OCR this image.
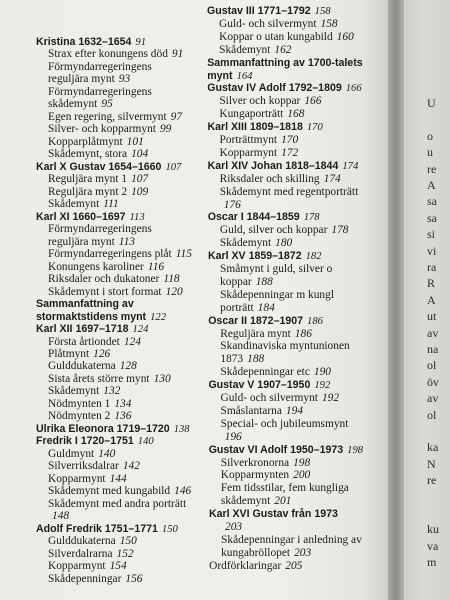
Kristina 1632–1654 91
Strax efter konungens död 91
Förmyndarregeringens
reguljära mynt 93
Förmyndarregeringens
skådemynt 95
Egen regering, silvermynt 97
Silver- och kopparmynt 99
Kopparplåtmynt 101
Skådemynt, stora 104
Karl X Gustav 1654–1660 107
Reguljära mynt 1 107
Reguljära mynt 2 109
Skådemynt 111
Karl XI 1660–1697 113
Förmyndarregeringens
reguljära mynt 113
Förmyndarregeringens plåt 115
Konungens karoliner 116
Riksdaler och dukatoner 118
Skådemynt i stort format 120
Sammanfattning av
stormaktstidens mynt 122
Karl XII 1697–1718 124
Första årtiondet 124
Plåtmynt 126
Gulddukaterna 128
Sista årets större mynt 130
Skådemynt 132
Nödmynten 1 134
Nödmynten 2 136
Ulrika Eleonora 1719–1720 138
Fredrik I 1720–1751 140
Guldmynt 140
Silverriksdalrar 142
Kopparmynt 144
Skådemynt med kungabild 146
Skådemynt med andra porträtt
148
Adolf Fredrik 1751–1771 150
Gulddukaterna 150
Silverdalrarna 152
Kopparmynt 154
Skådepenningar 156
Gustav III 1771–1792 158
Guld- och silvermynt 158
Koppar o utan kungabild 160
Skådemynt 162
Sammanfattning av 1700-talets
mynt 164
Gustav IV Adolf 1792–1809 166
Silver och koppar 166
Kungaporträtt 168
Karl XIII 1809–1818 170
Porträttmynt 170
Kopparmynt 172
Karl XIV Johan 1818–1844 174
Riksdaler och skilling 174
Skådemynt med regentporträtt
176
Oscar I 1844–1859 178
Guld, silver och koppar 178
Skådemynt 180
Karl XV 1859–1872 182
Småmynt i guld, silver o
koppar 188
Skådepenningar m kungl
porträtt 184
Oscar II 1872–1907 186
Reguljära mynt 186
Skandinaviska myntunionen
1873 188
Skådepenningar etc 190
Gustav V 1907–1950 192
Guld- och silvermynt 192
Småslantarna 194
Special- och jubileumsmynt
196
Gustav VI Adolf 1950–1973 198
Silverkronorna 198
Kopparmynten 200
Fem tidsstilar, fem kungliga
skådemynt 201
Karl XVI Gustav från 1973
203
Skådepenningar i anledning av
kungabröllopet 203
Ordförklaringar 205
U
o
u
re
A
sa
sa
si
vi
ra
R
A
ut
av
na
ol
öv
av
ol
ka
N
re
ku
va
m
